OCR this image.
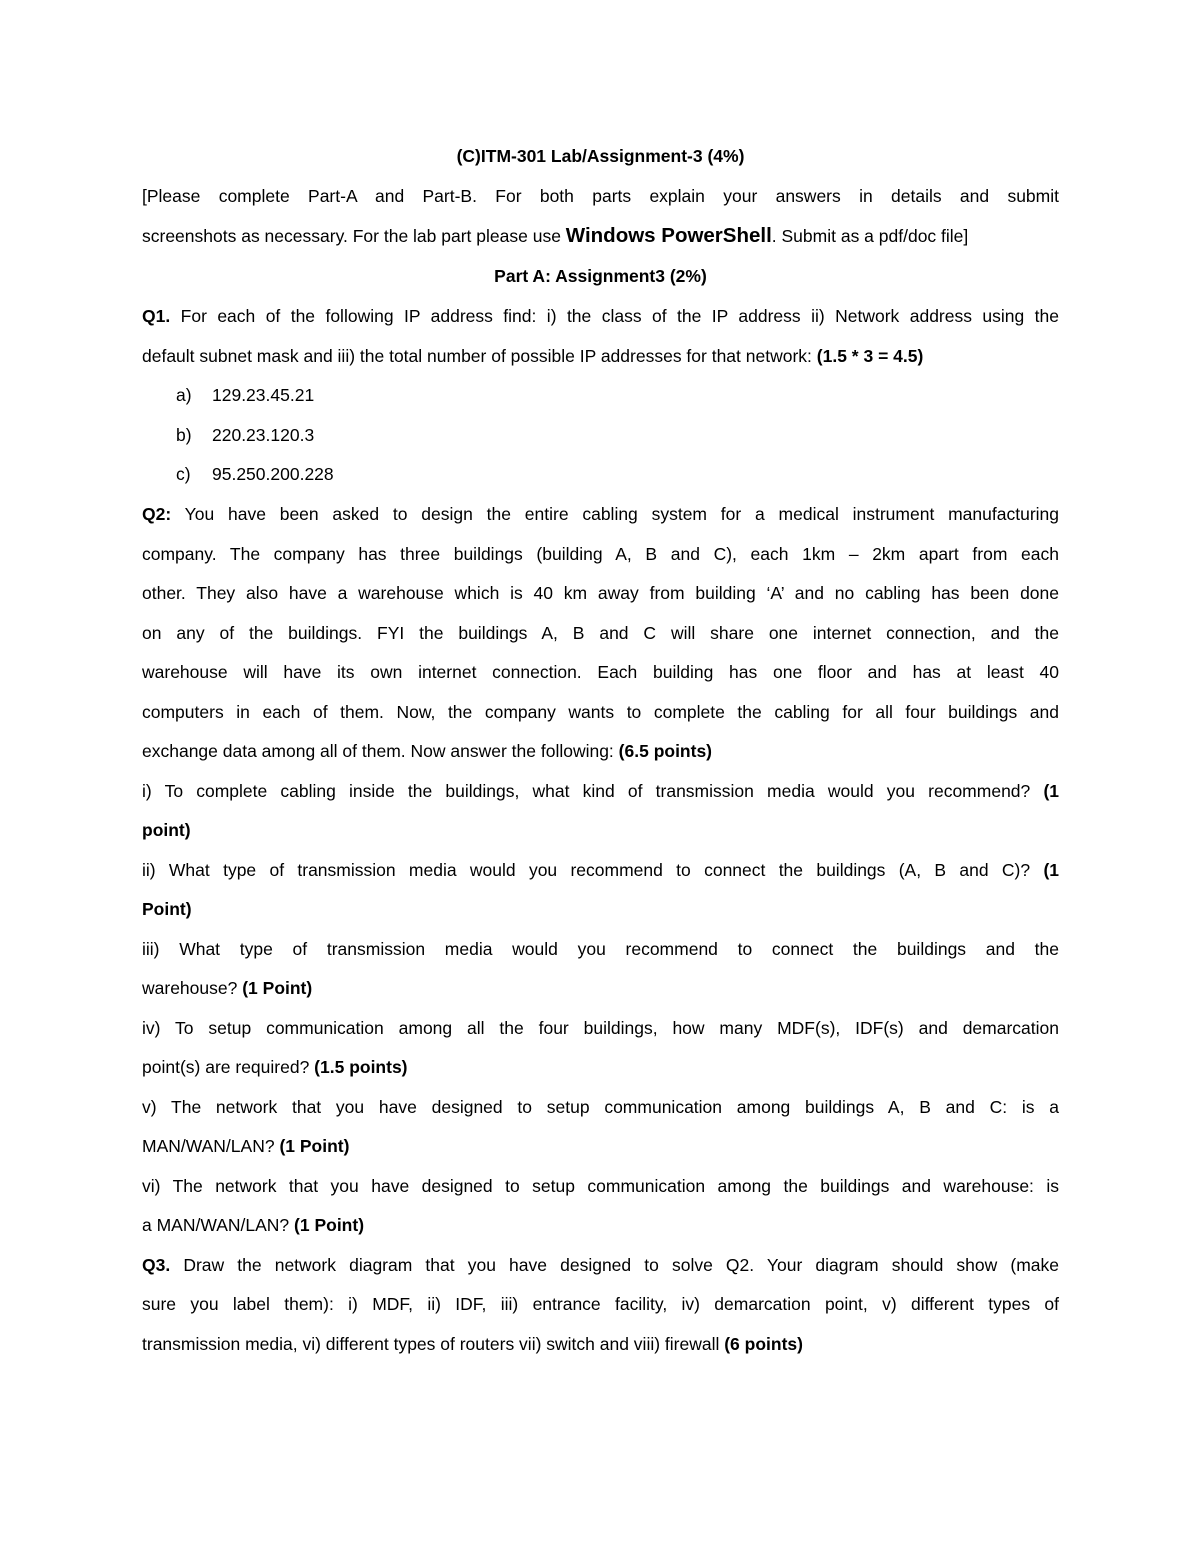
(C)ITM-301 Lab/Assignment-3 (4%)
[Please complete Part-A and Part-B. For both parts explain your answers in details and submit
screenshots as necessary. For the lab part please use Windows PowerShell. Submit as a pdf/doc file]
Part A: Assignment3 (2%)
Q1. For each of the following IP address find: i) the class of the IP address ii) Network address using the
default subnet mask and iii) the total number of possible IP addresses for that network: (1.5 * 3 = 4.5)
a) 129.23.45.21
b) 220.23.120.3
c) 95.250.200.228
Q2: You have been asked to design the entire cabling system for a medical instrument manufacturing
company. The company has three buildings (building A, B and C), each 1km – 2km apart from each
other. They also have a warehouse which is 40 km away from building ‘A’ and no cabling has been done
on any of the buildings. FYI the buildings A, B and C will share one internet connection, and the
warehouse will have its own internet connection. Each building has one floor and has at least 40
computers in each of them. Now, the company wants to complete the cabling for all four buildings and
exchange data among all of them. Now answer the following: (6.5 points)
i) To complete cabling inside the buildings, what kind of transmission media would you recommend? (1
point)
ii) What type of transmission media would you recommend to connect the buildings (A, B and C)? (1
Point)
iii) What type of transmission media would you recommend to connect the buildings and the
warehouse? (1 Point)
iv) To setup communication among all the four buildings, how many MDF(s), IDF(s) and demarcation
point(s) are required? (1.5 points)
v) The network that you have designed to setup communication among buildings A, B and C: is a
MAN/WAN/LAN? (1 Point)
vi) The network that you have designed to setup communication among the buildings and warehouse: is
a MAN/WAN/LAN? (1 Point)
Q3. Draw the network diagram that you have designed to solve Q2. Your diagram should show (make
sure you label them): i) MDF, ii) IDF, iii) entrance facility, iv) demarcation point, v) different types of
transmission media, vi) different types of routers vii) switch and viii) firewall (6 points)
